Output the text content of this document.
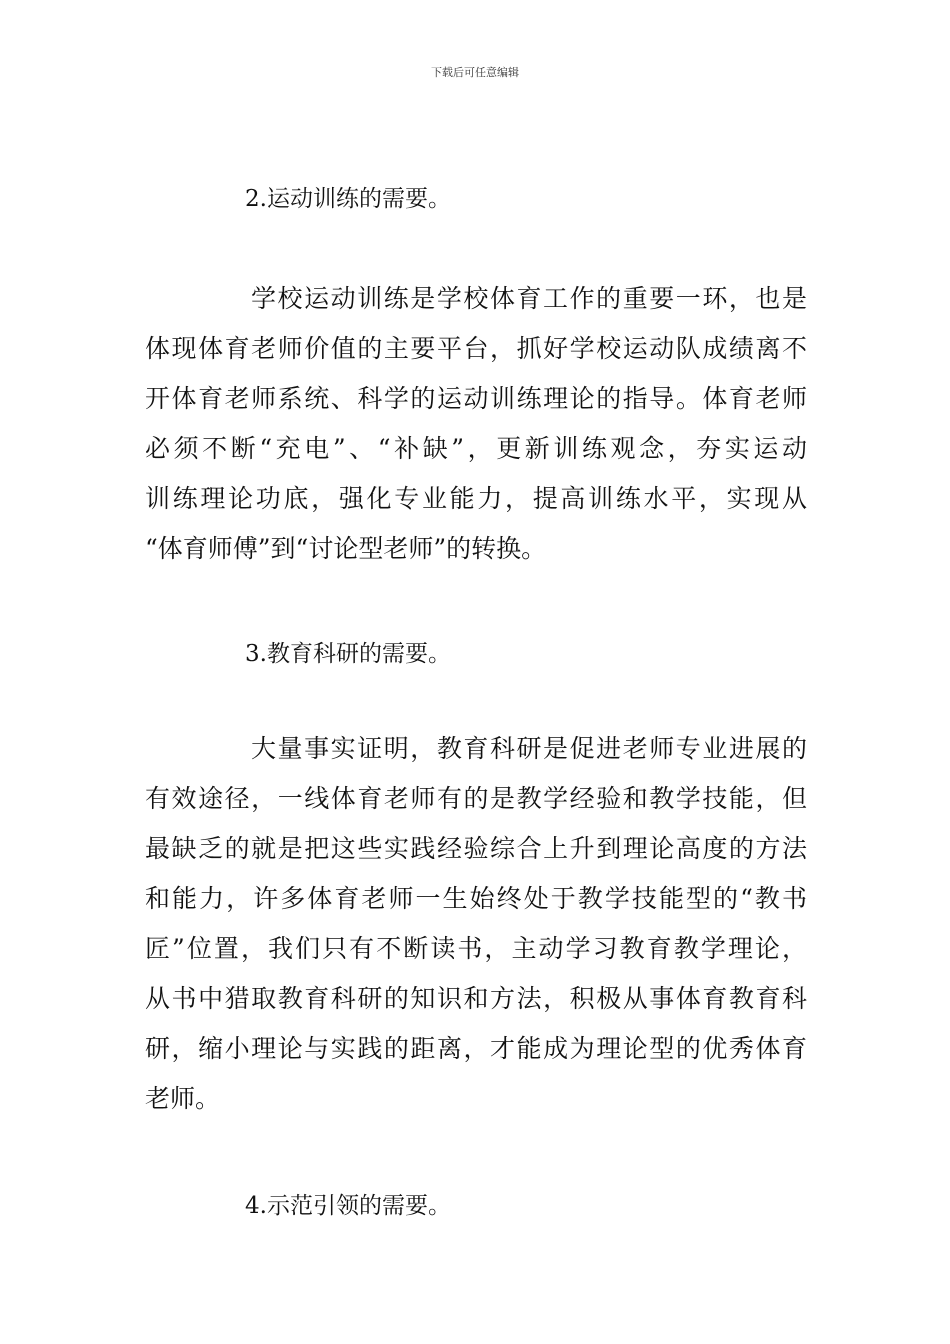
下载后可任意编辑

2.运动训练的需要。

学校运动训练是学校体育工作的重要一环，也是
体现体育老师价值的主要平台，抓好学校运动队成绩离不
开体育老师系统、科学的运动训练理论的指导。体育老师
必须不断“充电”、“补缺”，更新训练观念，夯实运动
训练理论功底，强化专业能力，提高训练水平，实现从
“体育师傅”到“讨论型老师”的转换。

3.教育科研的需要。

大量事实证明，教育科研是促进老师专业进展的
有效途径，一线体育老师有的是教学经验和教学技能，但
最缺乏的就是把这些实践经验综合上升到理论高度的方法
和能力，许多体育老师一生始终处于教学技能型的“教书
匠”位置，我们只有不断读书，主动学习教育教学理论，
从书中猎取教育科研的知识和方法，积极从事体育教育科
研，缩小理论与实践的距离，才能成为理论型的优秀体育
老师。

4.示范引领的需要。
